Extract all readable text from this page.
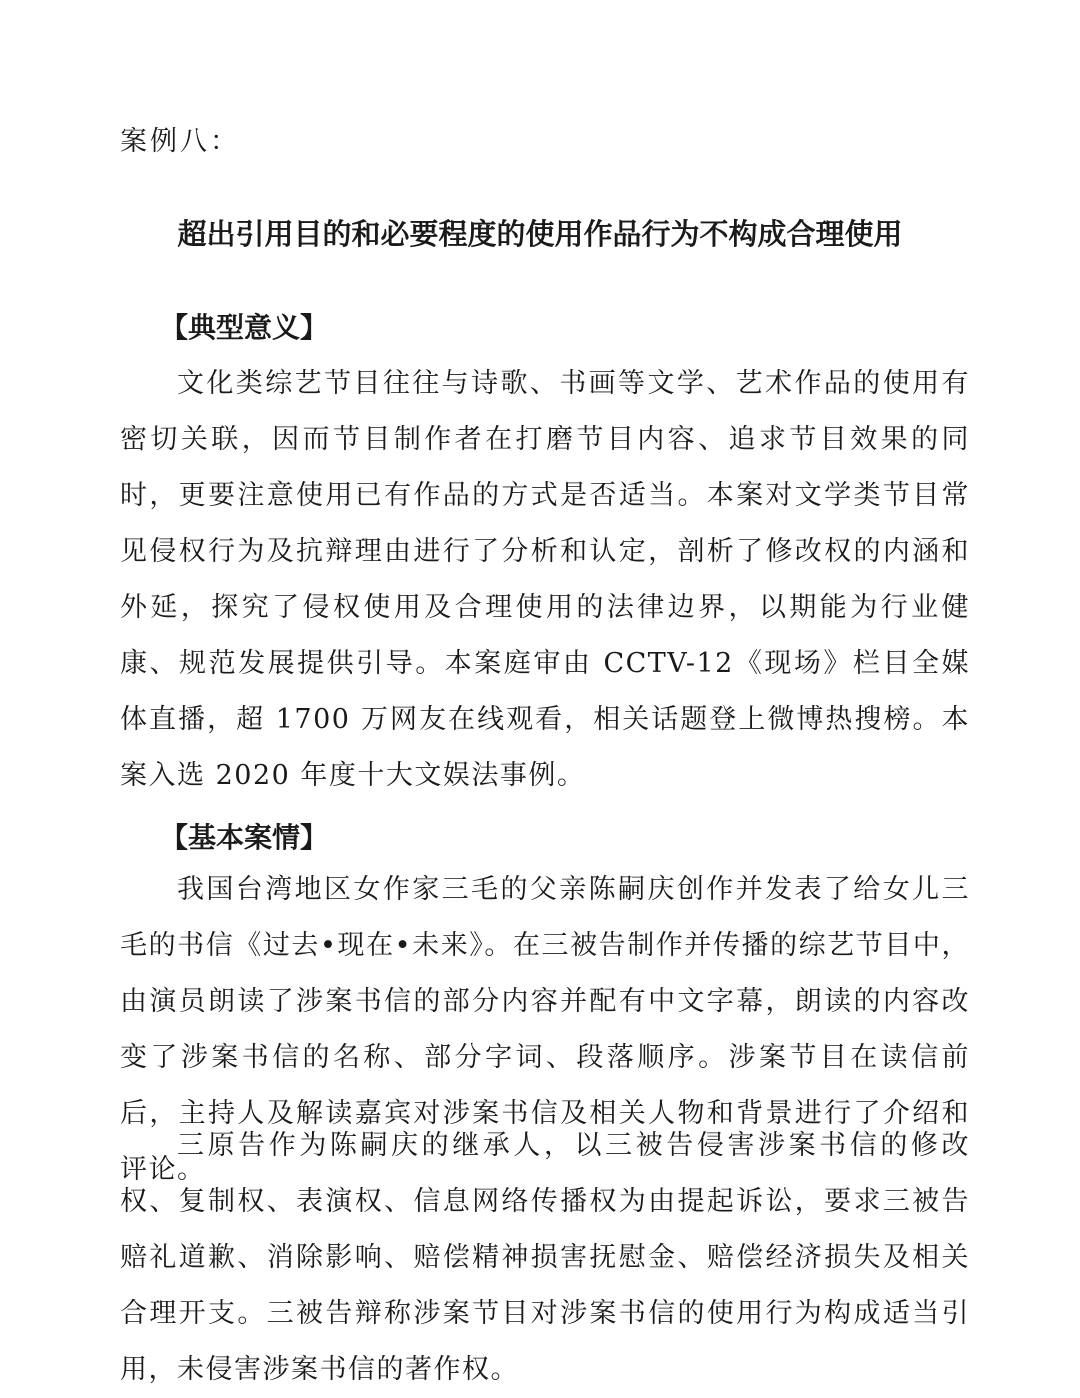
案例八：
超出引用目的和必要程度的使用作品行为不构成合理使用
【典型意义】

文化类综艺节目往往与诗歌、书画等文学、艺术作品的使用有密切关联，因而节目制作者在打磨节目内容、追求节目效果的同时，更要注意使用已有作品的方式是否适当。本案对文学类节目常见侵权行为及抗辩理由进行了分析和认定，剖析了修改权的内涵和外延，探究了侵权使用及合理使用的法律边界，以期能为行业健康、规范发展提供引导。本案庭审由 CCTV-12《现场》栏目全媒体直播，超 1700 万网友在线观看，相关话题登上微博热搜榜。本案入选 2020 年度十大文娱法事例。

【基本案情】

我国台湾地区女作家三毛的父亲陈嗣庆创作并发表了给女儿三毛的书信《过去•现在•未来》。在三被告制作并传播的综艺节目中，由演员朗读了涉案书信的部分内容并配有中文字幕，朗读的内容改变了涉案书信的名称、部分字词、段落顺序。涉案节目在读信前后，主持人及解读嘉宾对涉案书信及相关人物和背景进行了介绍和评论。

三原告作为陈嗣庆的继承人，以三被告侵害涉案书信的修改权、复制权、表演权、信息网络传播权为由提起诉讼，要求三被告赔礼道歉、消除影响、赔偿精神损害抚慰金、赔偿经济损失及相关合理开支。三被告辩称涉案节目对涉案书信的使用行为构成适当引用，未侵害涉案书信的著作权。
